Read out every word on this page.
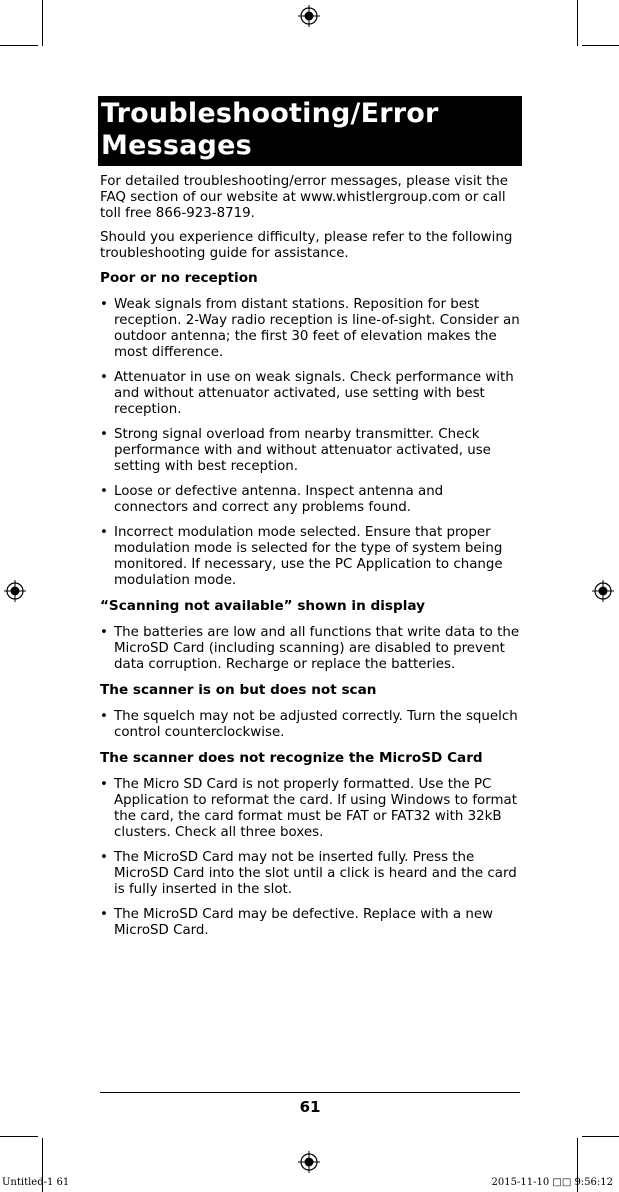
Troubleshooting/Error Messages

For detailed troubleshooting/error messages, please visit the FAQ section of our website at www.whistlergroup.com or call toll free 866-923-8719.

Should you experience difficulty, please refer to the following troubleshooting guide for assistance.

Poor or no reception

• Weak signals from distant stations. Reposition for best reception. 2-Way radio reception is line-of-sight. Consider an outdoor antenna; the first 30 feet of elevation makes the most difference.

• Attenuator in use on weak signals. Check performance with and without attenuator activated, use setting with best reception.

• Strong signal overload from nearby transmitter. Check performance with and without attenuator activated, use setting with best reception.

• Loose or defective antenna. Inspect antenna and connectors and correct any problems found.

• Incorrect modulation mode selected. Ensure that proper modulation mode is selected for the type of system being monitored. If necessary, use the PC Application to change modulation mode.

“Scanning not available” shown in display

• The batteries are low and all functions that write data to the MicroSD Card (including scanning) are disabled to prevent data corruption. Recharge or replace the batteries.

The scanner is on but does not scan

• The squelch may not be adjusted correctly. Turn the squelch control counterclockwise.

The scanner does not recognize the MicroSD Card

• The Micro SD Card is not properly formatted. Use the PC Application to reformat the card. If using Windows to format the card, the card format must be FAT or FAT32 with 32kB clusters. Check all three boxes.

• The MicroSD Card may not be inserted fully. Press the MicroSD Card into the slot until a click is heard and the card is fully inserted in the slot.

• The MicroSD Card may be defective. Replace with a new MicroSD Card.

61
Untitled-1 61	2015-11-10 □□ 9:56:12
